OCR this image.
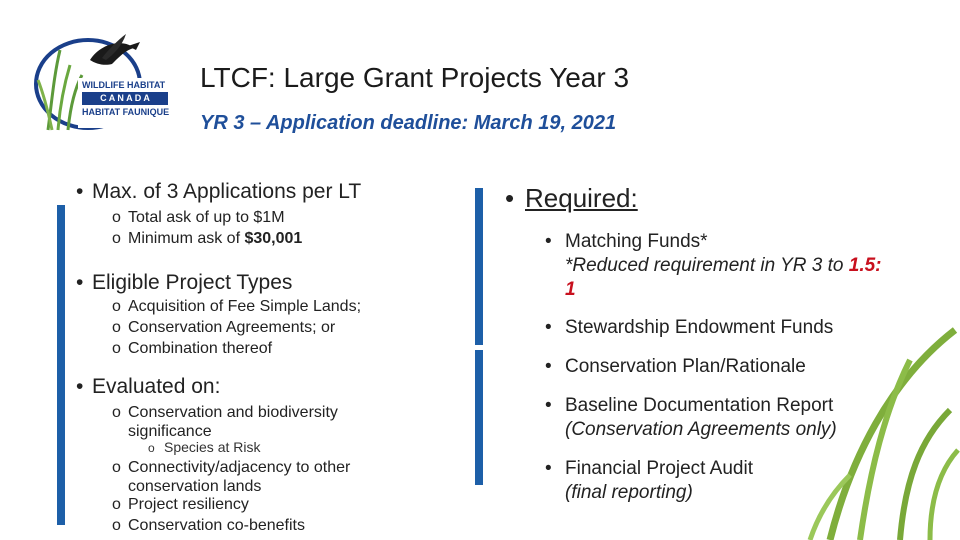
WILDLIFE HABITAT
C A N A D A
HABITAT FAUNIQUE
LTCF: Large Grant Projects Year 3
YR 3 – Application deadline: March 19, 2021
• Max. of 3 Applications per LT
o Total ask of up to $1M
o Minimum ask of $30,001
• Eligible Project Types
o Acquisition of Fee Simple Lands;
o Conservation Agreements; or
o Combination thereof
• Evaluated on:
o Conservation and biodiversity significance
o Species at Risk
o Connectivity/adjacency to other conservation lands
o Project resiliency
o Conservation co-benefits
• Required:
• Matching Funds*
*Reduced requirement in YR 3 to 1.5: 1
• Stewardship Endowment Funds
• Conservation Plan/Rationale
• Baseline Documentation Report
(Conservation Agreements only)
• Financial Project Audit
(final reporting)
